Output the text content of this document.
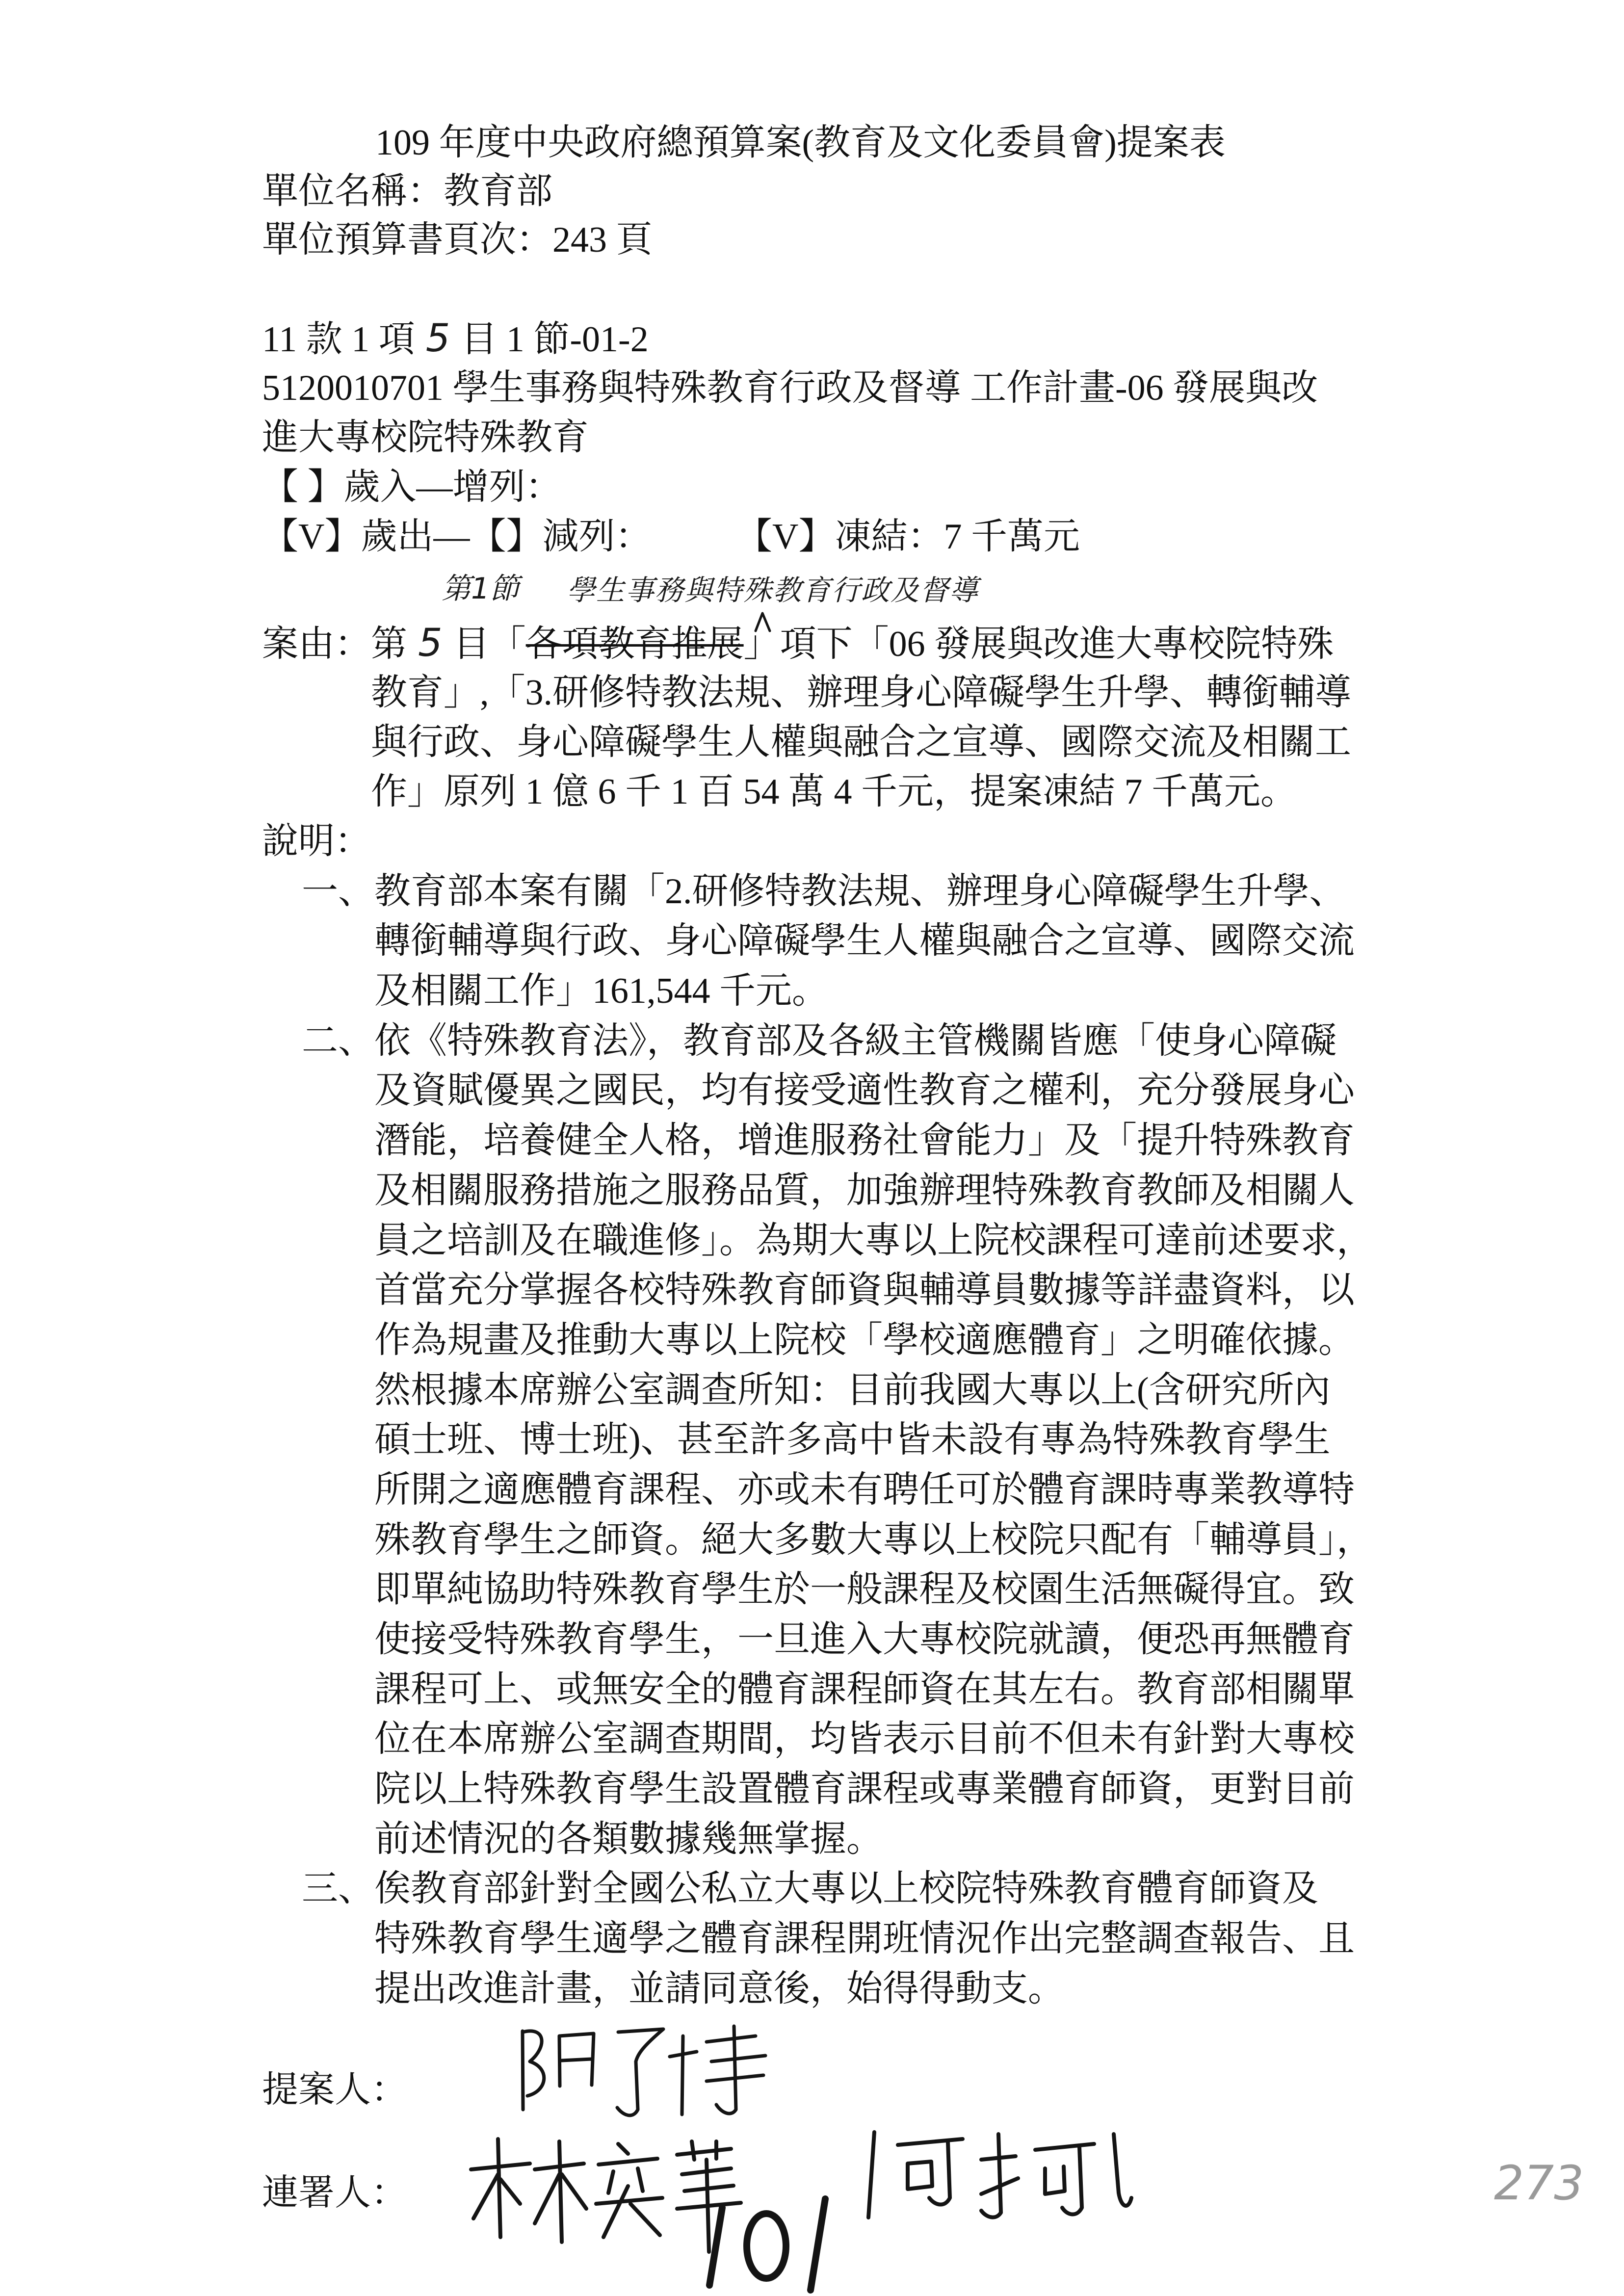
109 年度中央政府總預算案(教育及文化委員會)提案表
單位名稱：教育部
單位預算書頁次：243 頁
11 款 1 項 5 目 1 節-01-2
5120010701 學生事務與特殊教育行政及督導 工作計畫-06 發展與改
進大專校院特殊教育
【 】歲入—增列：
【V】歲出—【】減列： 【V】凍結：7 千萬元
第1節 學生事務與特殊教育行政及督導
案由：第 5 目「各項教育推展」項下「06 發展與改進大專校院特殊
教育」,「3.研修特教法規、辦理身心障礙學生升學、轉銜輔導
與行政、身心障礙學生人權與融合之宣導、國際交流及相關工
作」原列 1 億 6 千 1 百 54 萬 4 千元，提案凍結 7 千萬元。
說明：
一、教育部本案有關「2.研修特教法規、辦理身心障礙學生升學、
轉銜輔導與行政、身心障礙學生人權與融合之宣導、國際交流
及相關工作」161,544 千元。
二、依《特殊教育法》，教育部及各級主管機關皆應「使身心障礙
及資賦優異之國民，均有接受適性教育之權利，充分發展身心
潛能，培養健全人格，增進服務社會能力」及「提升特殊教育
及相關服務措施之服務品質，加強辦理特殊教育教師及相關人
員之培訓及在職進修」。為期大專以上院校課程可達前述要求，
首當充分掌握各校特殊教育師資與輔導員數據等詳盡資料，以
作為規畫及推動大專以上院校「學校適應體育」之明確依據。
然根據本席辦公室調查所知：目前我國大專以上(含研究所內
碩士班、博士班)、甚至許多高中皆未設有專為特殊教育學生
所開之適應體育課程、亦或未有聘任可於體育課時專業教導特
殊教育學生之師資。絕大多數大專以上校院只配有「輔導員」，
即單純協助特殊教育學生於一般課程及校園生活無礙得宜。致
使接受特殊教育學生，一旦進入大專校院就讀，便恐再無體育
課程可上、或無安全的體育課程師資在其左右。教育部相關單
位在本席辦公室調查期間，均皆表示目前不但未有針對大專校
院以上特殊教育學生設置體育課程或專業體育師資，更對目前
前述情況的各類數據幾無掌握。
三、俟教育部針對全國公私立大專以上校院特殊教育體育師資及
特殊教育學生適學之體育課程開班情況作出完整調查報告、且
提出改進計畫，並請同意後，始得得動支。
提案人：
連署人：	273
